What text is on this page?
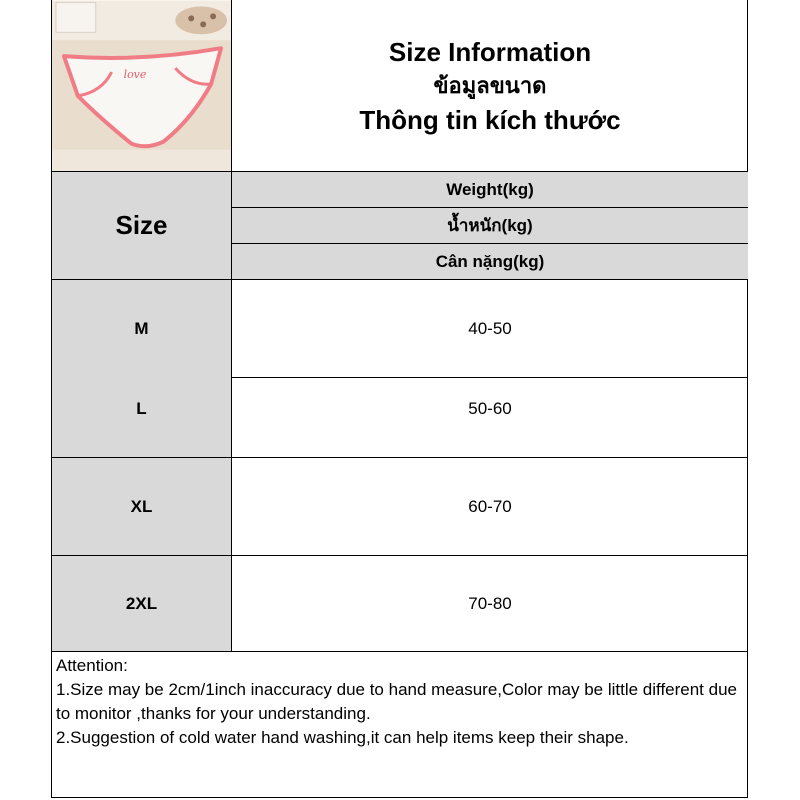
love
Size Information
ข้อมูลขนาด
Thông tin kích thước
Size
Weight(kg)
น้ำหนัก(kg)
Cân nặng(kg)
M	40-50
L	50-60
XL	60-70
2XL	70-80
Attention:
1.Size may be 2cm/1inch inaccuracy due to hand measure,Color may be little different due to monitor ,thanks for your understanding.
2.Suggestion of cold water hand washing,it can help items keep their shape.
